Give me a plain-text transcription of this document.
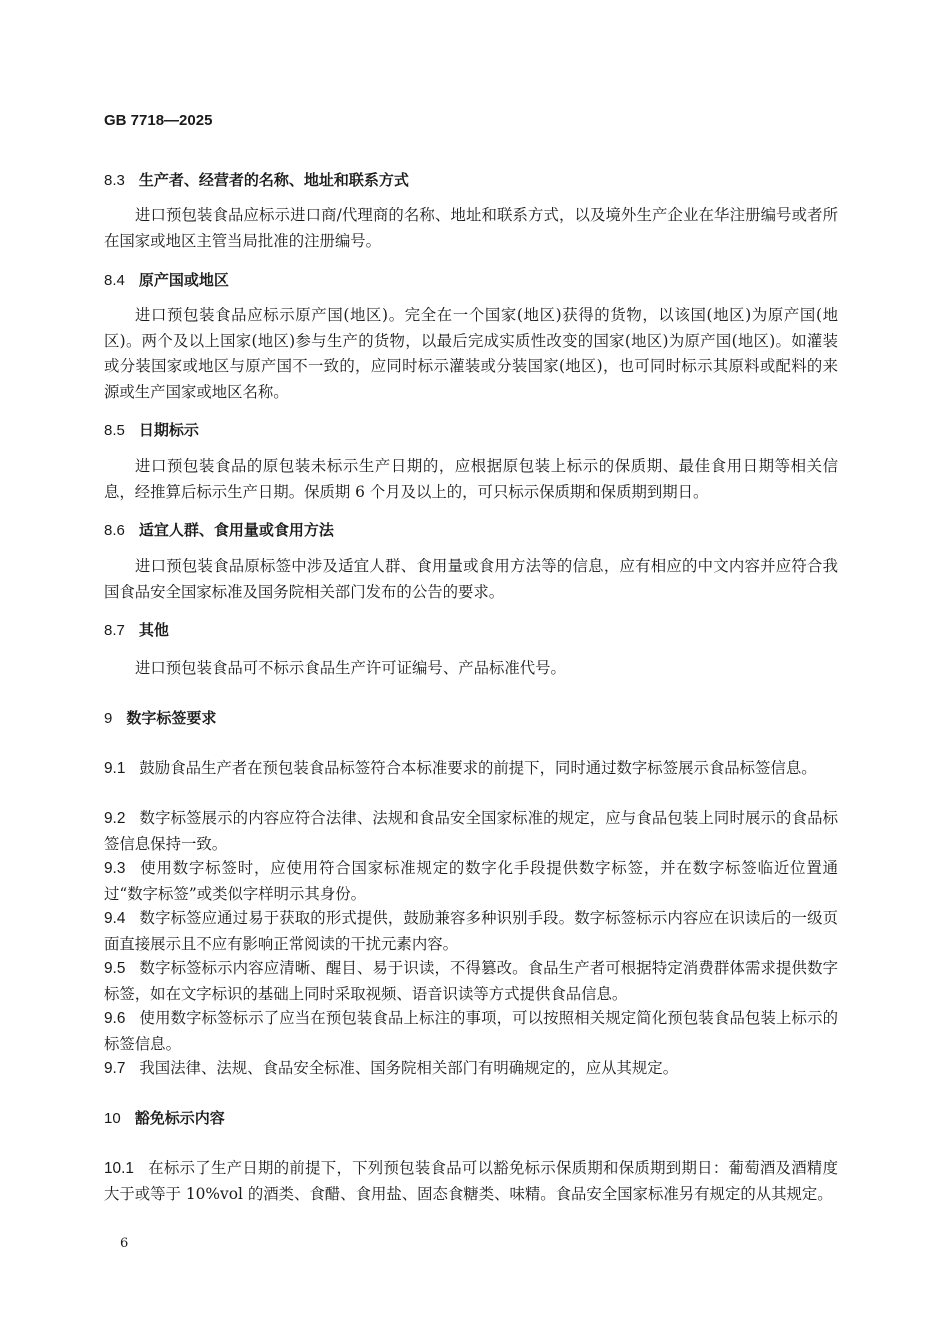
GB 7718—2025
8.3 生产者、经营者的名称、地址和联系方式
进口预包装食品应标示进口商/代理商的名称、地址和联系方式，以及境外生产企业在华注册编号或者所在国家或地区主管当局批准的注册编号。
8.4 原产国或地区
进口预包装食品应标示原产国(地区)。完全在一个国家(地区)获得的货物，以该国(地区)为原产国(地区)。两个及以上国家(地区)参与生产的货物，以最后完成实质性改变的国家(地区)为原产国(地区)。如灌装或分装国家或地区与原产国不一致的，应同时标示灌装或分装国家(地区)，也可同时标示其原料或配料的来源或生产国家或地区名称。
8.5 日期标示
进口预包装食品的原包装未标示生产日期的，应根据原包装上标示的保质期、最佳食用日期等相关信息，经推算后标示生产日期。保质期 6 个月及以上的，可只标示保质期和保质期到期日。
8.6 适宜人群、食用量或食用方法
进口预包装食品原标签中涉及适宜人群、食用量或食用方法等的信息，应有相应的中文内容并应符合我国食品安全国家标准及国务院相关部门发布的公告的要求。
8.7 其他
进口预包装食品可不标示食品生产许可证编号、产品标准代号。
9 数字标签要求
9.1 鼓励食品生产者在预包装食品标签符合本标准要求的前提下，同时通过数字标签展示食品标签信息。
9.2 数字标签展示的内容应符合法律、法规和食品安全国家标准的规定，应与食品包装上同时展示的食品标签信息保持一致。
9.3 使用数字标签时，应使用符合国家标准规定的数字化手段提供数字标签，并在数字标签临近位置通过“数字标签”或类似字样明示其身份。
9.4 数字标签应通过易于获取的形式提供，鼓励兼容多种识别手段。数字标签标示内容应在识读后的一级页面直接展示且不应有影响正常阅读的干扰元素内容。
9.5 数字标签标示内容应清晰、醒目、易于识读，不得篡改。食品生产者可根据特定消费群体需求提供数字标签，如在文字标识的基础上同时采取视频、语音识读等方式提供食品信息。
9.6 使用数字标签标示了应当在预包装食品上标注的事项，可以按照相关规定简化预包装食品包装上标示的标签信息。
9.7 我国法律、法规、食品安全标准、国务院相关部门有明确规定的，应从其规定。
10 豁免标示内容
10.1 在标示了生产日期的前提下，下列预包装食品可以豁免标示保质期和保质期到期日：葡萄酒及酒精度大于或等于 10%vol 的酒类、食醋、食用盐、固态食糖类、味精。食品安全国家标准另有规定的从其规定。
6
